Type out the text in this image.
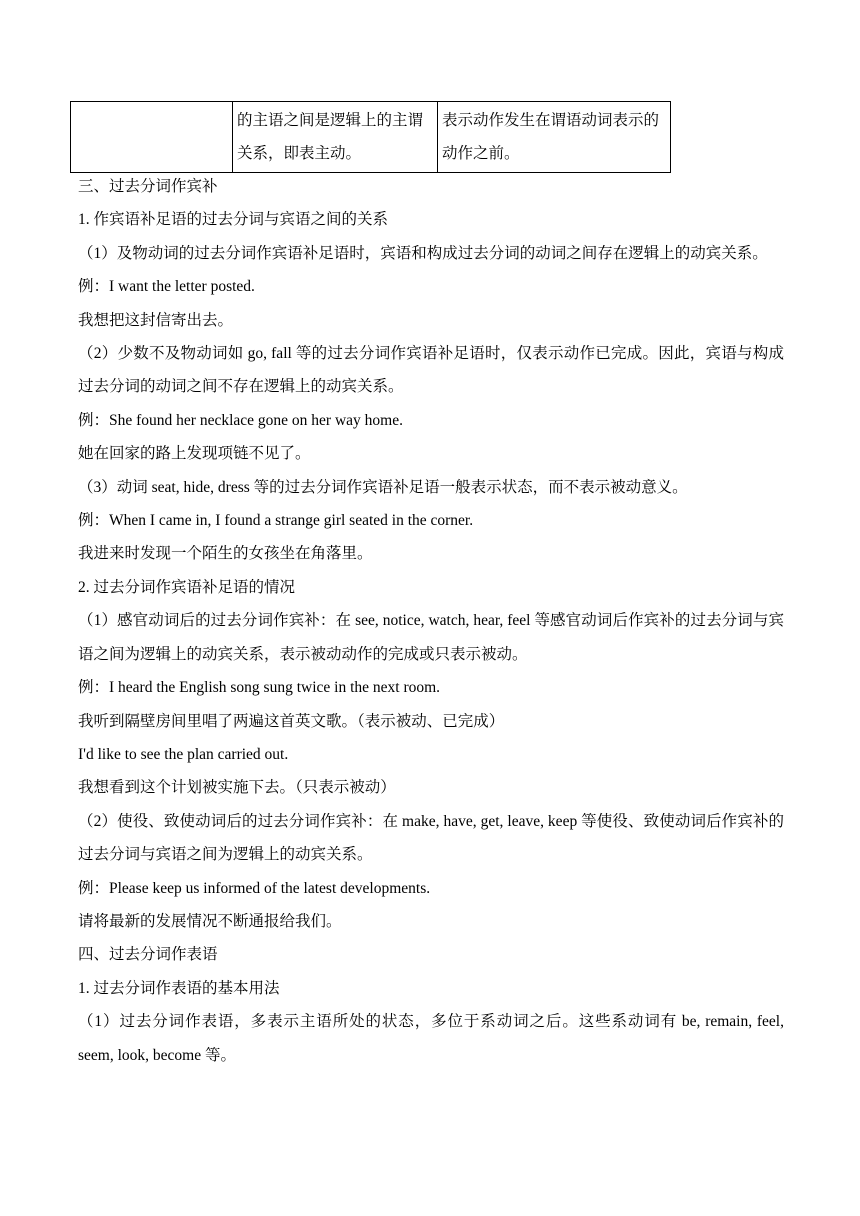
	的主语之间是逻辑上的主谓关系，即表主动。	表示动作发生在谓语动词表示的动作之前。
三、过去分词作宾补
1. 作宾语补足语的过去分词与宾语之间的关系
（1）及物动词的过去分词作宾语补足语时，宾语和构成过去分词的动词之间存在逻辑上的动宾关系。
例：I want the letter posted.
我想把这封信寄出去。
（2）少数不及物动词如 go, fall 等的过去分词作宾语补足语时，仅表示动作已完成。因此，宾语与构成过去分词的动词之间不存在逻辑上的动宾关系。
例：She found her necklace gone on her way home.
她在回家的路上发现项链不见了。
（3）动词 seat, hide, dress 等的过去分词作宾语补足语一般表示状态，而不表示被动意义。
例：When I came in, I found a strange girl seated in the corner.
我进来时发现一个陌生的女孩坐在角落里。
2. 过去分词作宾语补足语的情况
（1）感官动词后的过去分词作宾补：在 see, notice, watch, hear, feel 等感官动词后作宾补的过去分词与宾语之间为逻辑上的动宾关系，表示被动动作的完成或只表示被动。
例：I heard the English song sung twice in the next room.
我听到隔壁房间里唱了两遍这首英文歌。（表示被动、已完成）
I'd like to see the plan carried out.
我想看到这个计划被实施下去。（只表示被动）
（2）使役、致使动词后的过去分词作宾补：在 make, have, get, leave, keep 等使役、致使动词后作宾补的过去分词与宾语之间为逻辑上的动宾关系。
例：Please keep us informed of the latest developments.
请将最新的发展情况不断通报给我们。
四、过去分词作表语
1. 过去分词作表语的基本用法
（1）过去分词作表语，多表示主语所处的状态，多位于系动词之后。这些系动词有 be, remain, feel, seem, look, become 等。
